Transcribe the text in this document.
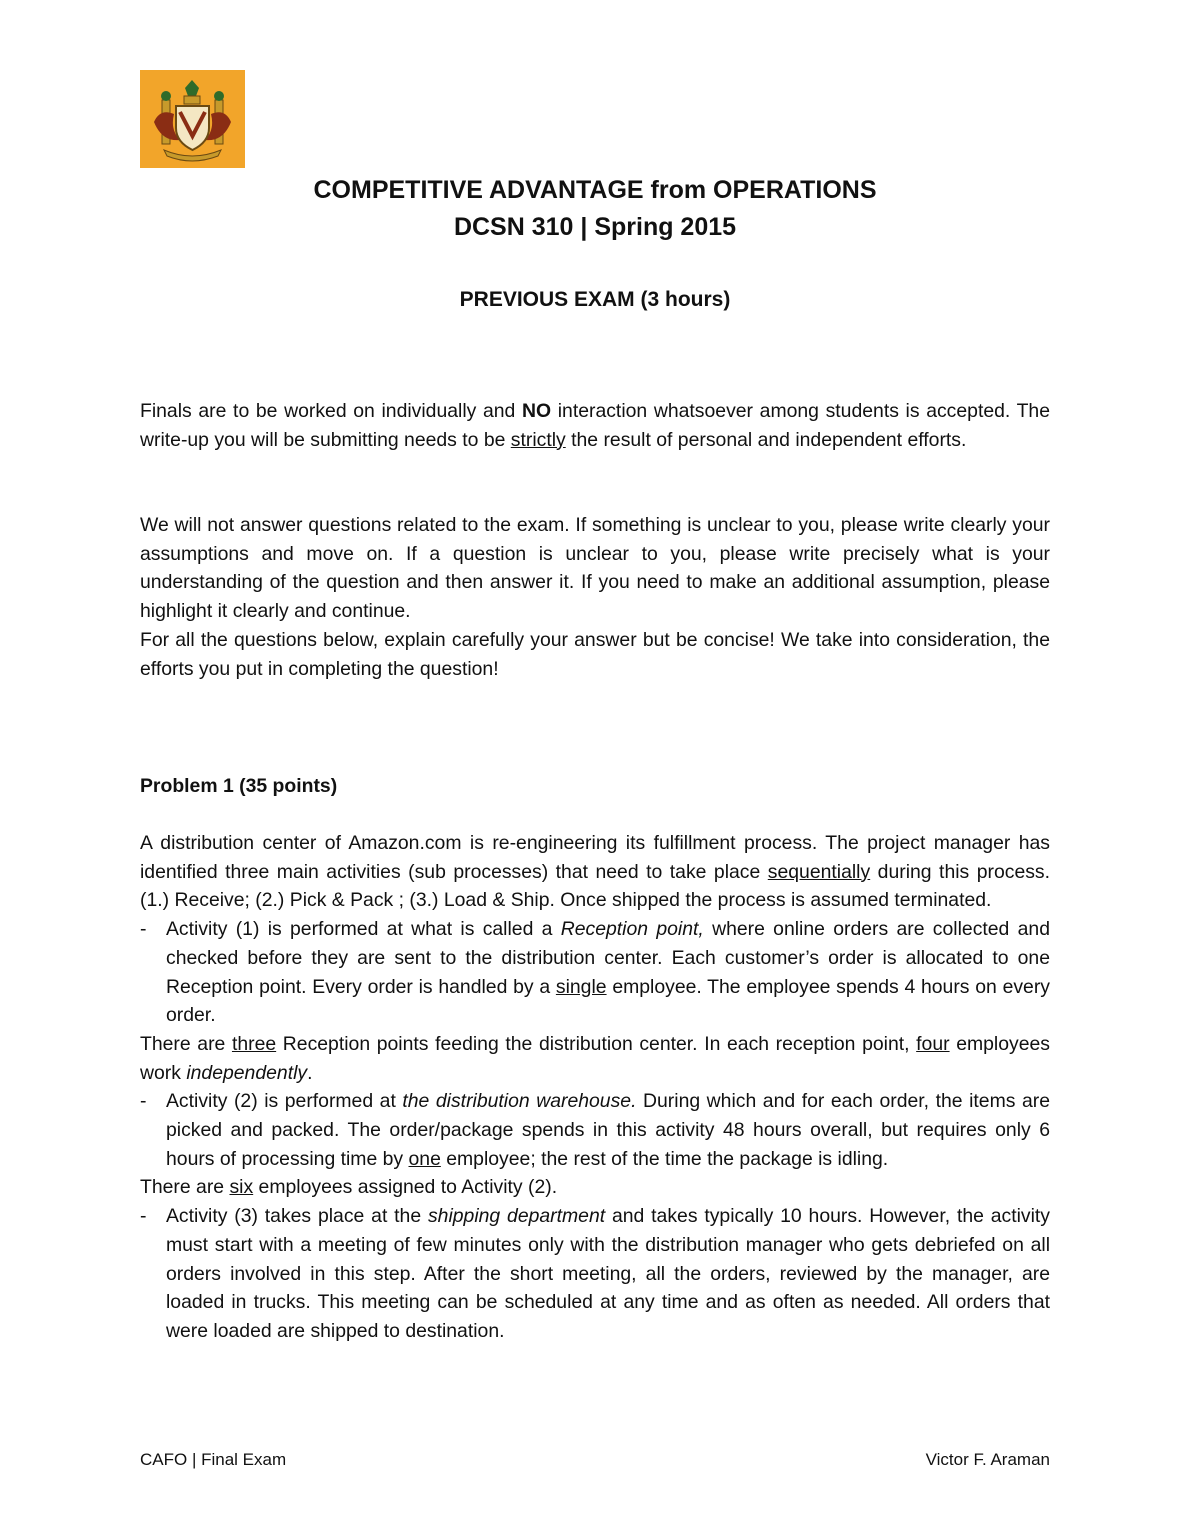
COMPETITIVE ADVANTAGE from OPERATIONS
DCSN 310 | Spring 2015
PREVIOUS EXAM (3 hours)

Finals are to be worked on individually and NO interaction whatsoever among students is accepted. The write-up you will be submitting needs to be strictly the result of personal and independent efforts.

We will not answer questions related to the exam. If something is unclear to you, please write clearly your assumptions and move on. If a question is unclear to you, please write precisely what is your understanding of the question and then answer it. If you need to make an additional assumption, please highlight it clearly and continue.

For all the questions below, explain carefully your answer but be concise! We take into consideration, the efforts you put in completing the question!

Problem 1 (35 points)

A distribution center of Amazon.com is re-engineering its fulfillment process. The project manager has identified three main activities (sub processes) that need to take place sequentially during this process. (1.) Receive; (2.) Pick & Pack ; (3.) Load & Ship. Once shipped the process is assumed terminated.

- Activity (1) is performed at what is called a Reception point, where online orders are collected and checked before they are sent to the distribution center. Each customer’s order is allocated to one Reception point. Every order is handled by a single employee. The employee spends 4 hours on every order.

There are three Reception points feeding the distribution center. In each reception point, four employees work independently.

- Activity (2) is performed at the distribution warehouse. During which and for each order, the items are picked and packed. The order/package spends in this activity 48 hours overall, but requires only 6 hours of processing time by one employee; the rest of the time the package is idling.

There are six employees assigned to Activity (2).

- Activity (3) takes place at the shipping department and takes typically 10 hours. However, the activity must start with a meeting of few minutes only with the distribution manager who gets debriefed on all orders involved in this step. After the short meeting, all the orders, reviewed by the manager, are loaded in trucks. This meeting can be scheduled at any time and as often as needed. All orders that were loaded are shipped to destination.

CAFO | Final Exam	Victor F. Araman
